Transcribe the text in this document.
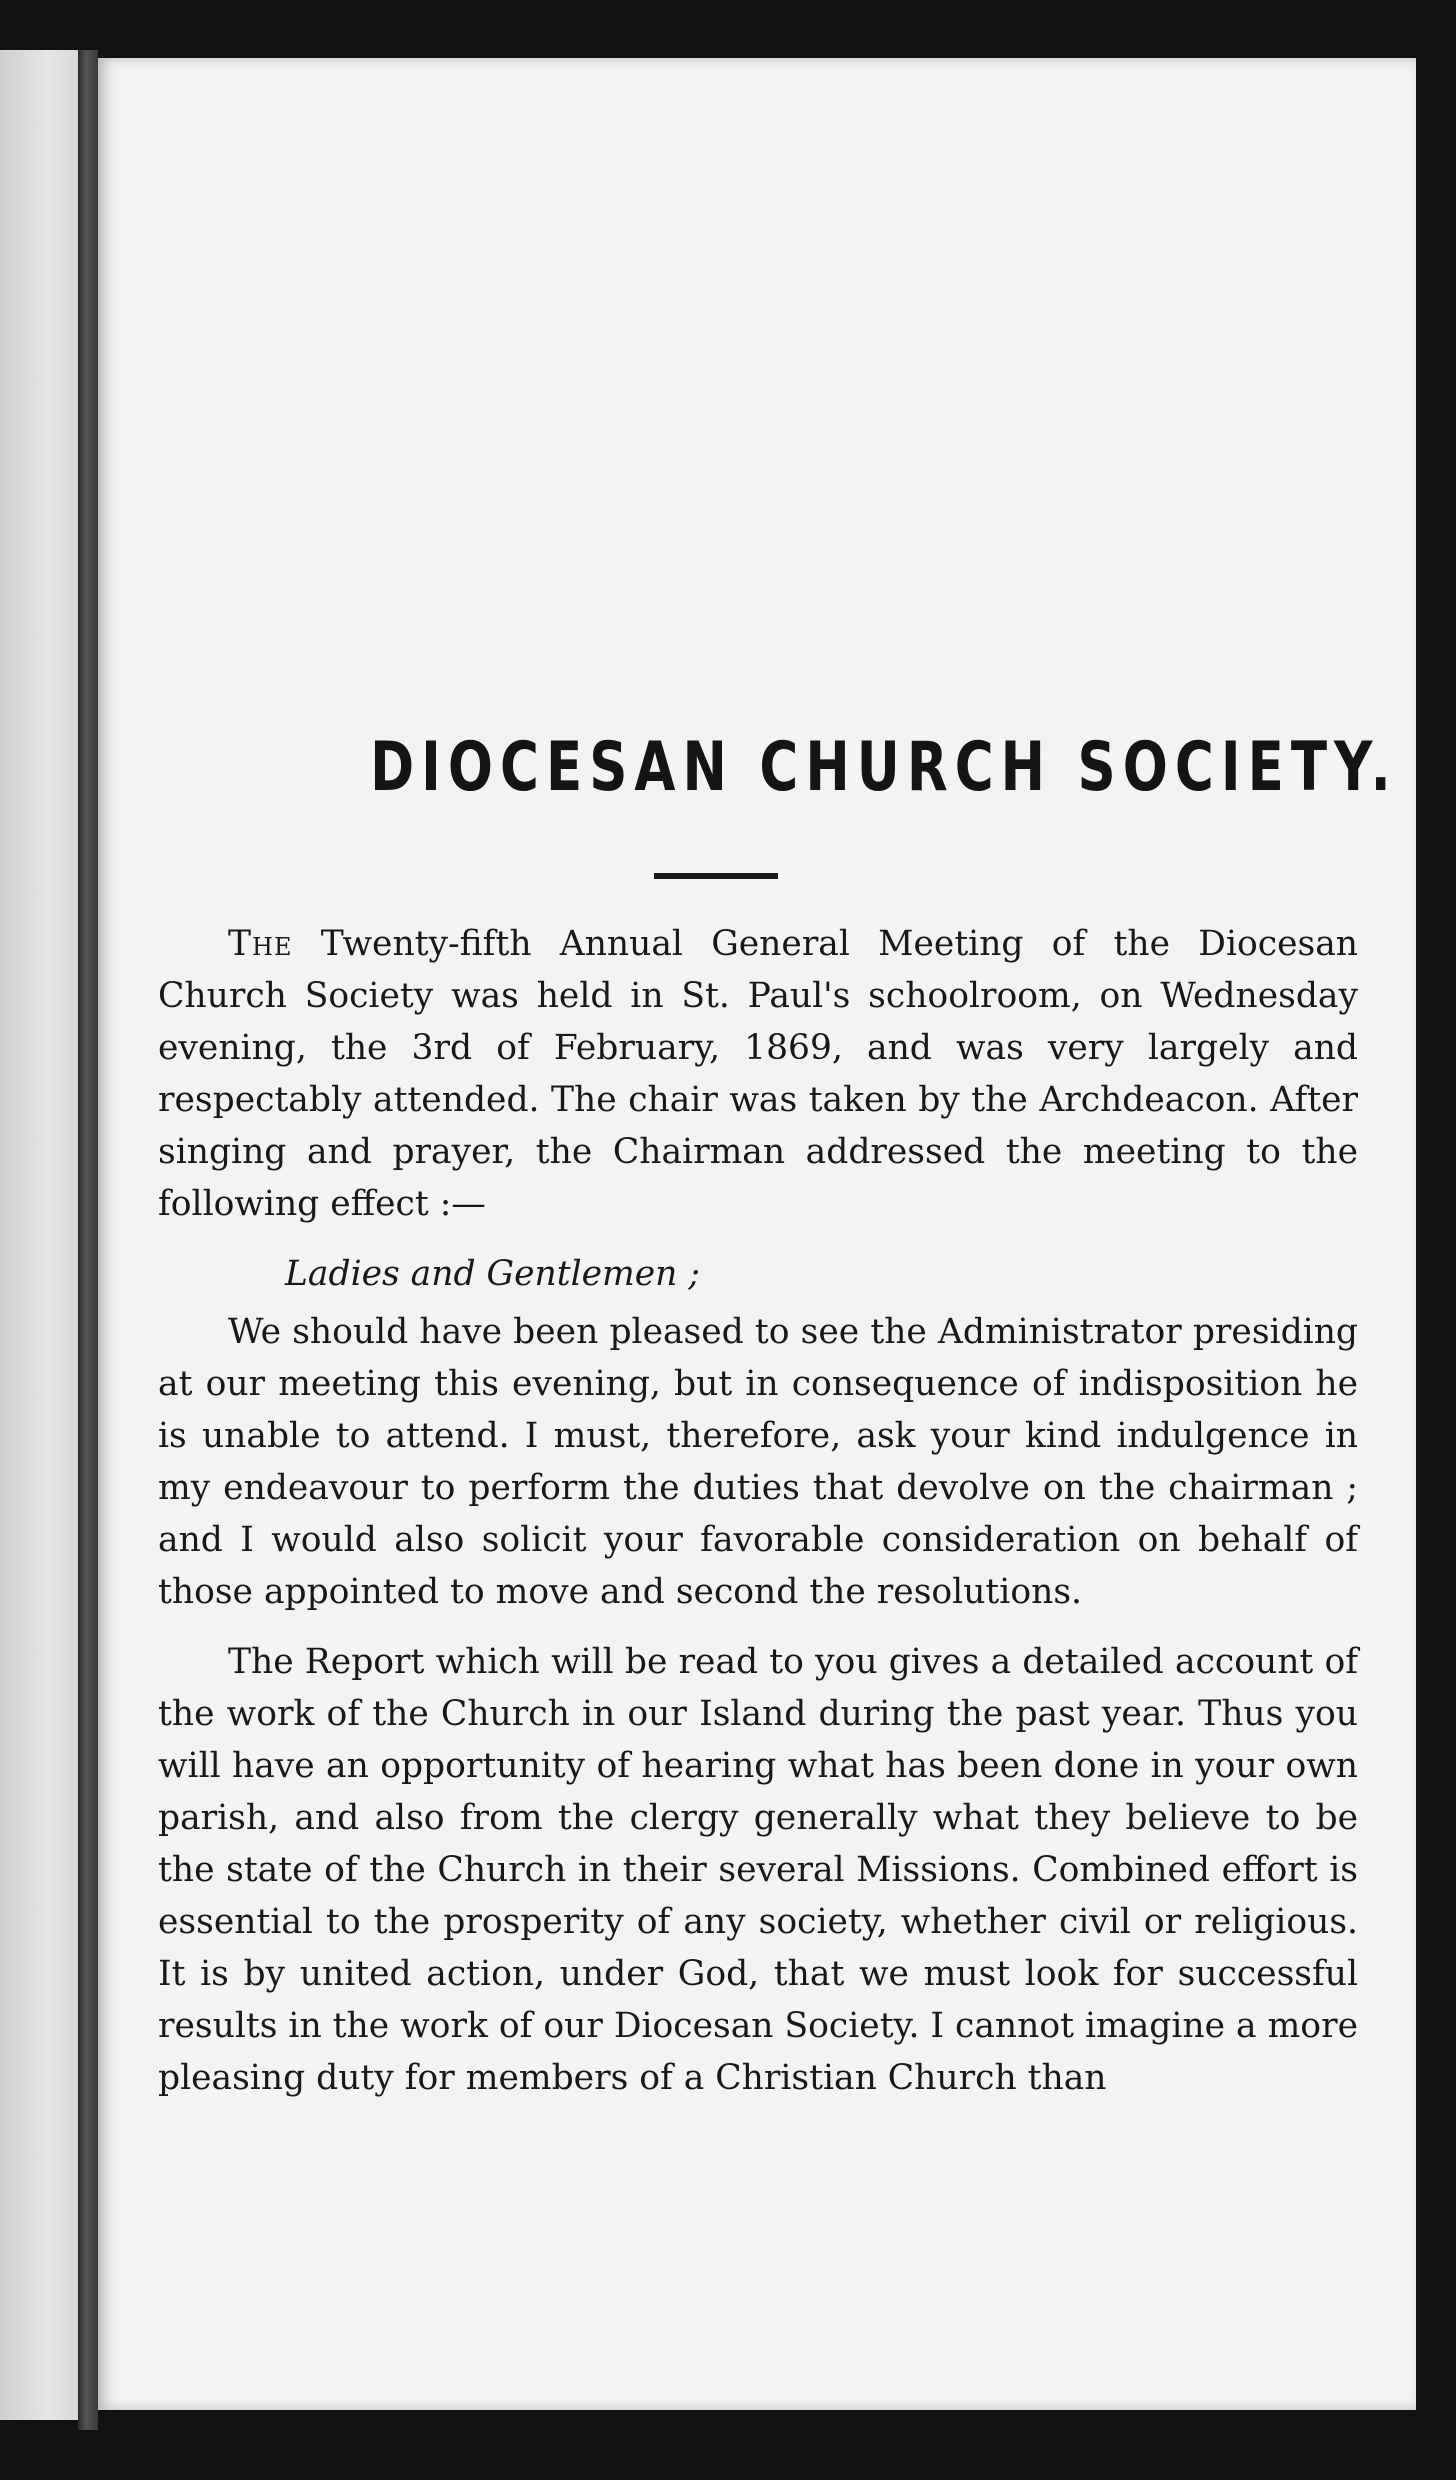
DIOCESAN CHURCH SOCIETY.

The Twenty-fifth Annual General Meeting of the Diocesan Church Society was held in St. Paul's schoolroom, on Wednesday evening, the 3rd of February, 1869, and was very largely and respectably attended. The chair was taken by the Archdeacon. After singing and prayer, the Chairman addressed the meeting to the following effect :—

Ladies and Gentlemen ;

We should have been pleased to see the Administrator presiding at our meeting this evening, but in consequence of indisposition he is unable to attend. I must, therefore, ask your kind indulgence in my endeavour to perform the duties that devolve on the chairman ; and I would also solicit your favorable consideration on behalf of those appointed to move and second the resolutions.

The Report which will be read to you gives a detailed account of the work of the Church in our Island during the past year. Thus you will have an opportunity of hearing what has been done in your own parish, and also from the clergy generally what they believe to be the state of the Church in their several Missions. Combined effort is essential to the prosperity of any society, whether civil or religious. It is by united action, under God, that we must look for successful results in the work of our Diocesan Society. I cannot imagine a more pleasing duty for members of a Christian Church than
